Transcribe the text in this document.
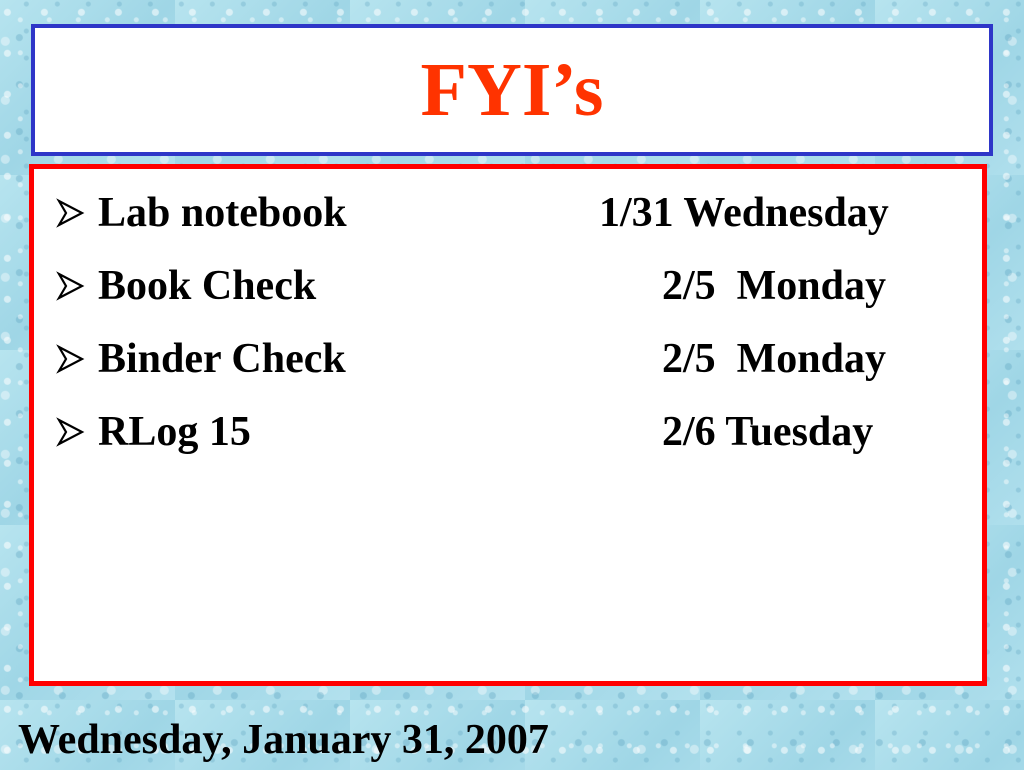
FYI’s
Lab notebook	1/31 Wednesday
Book Check	2/5  Monday
Binder Check	2/5  Monday
RLog 15	2/6 Tuesday

Wednesday, January 31, 2007
